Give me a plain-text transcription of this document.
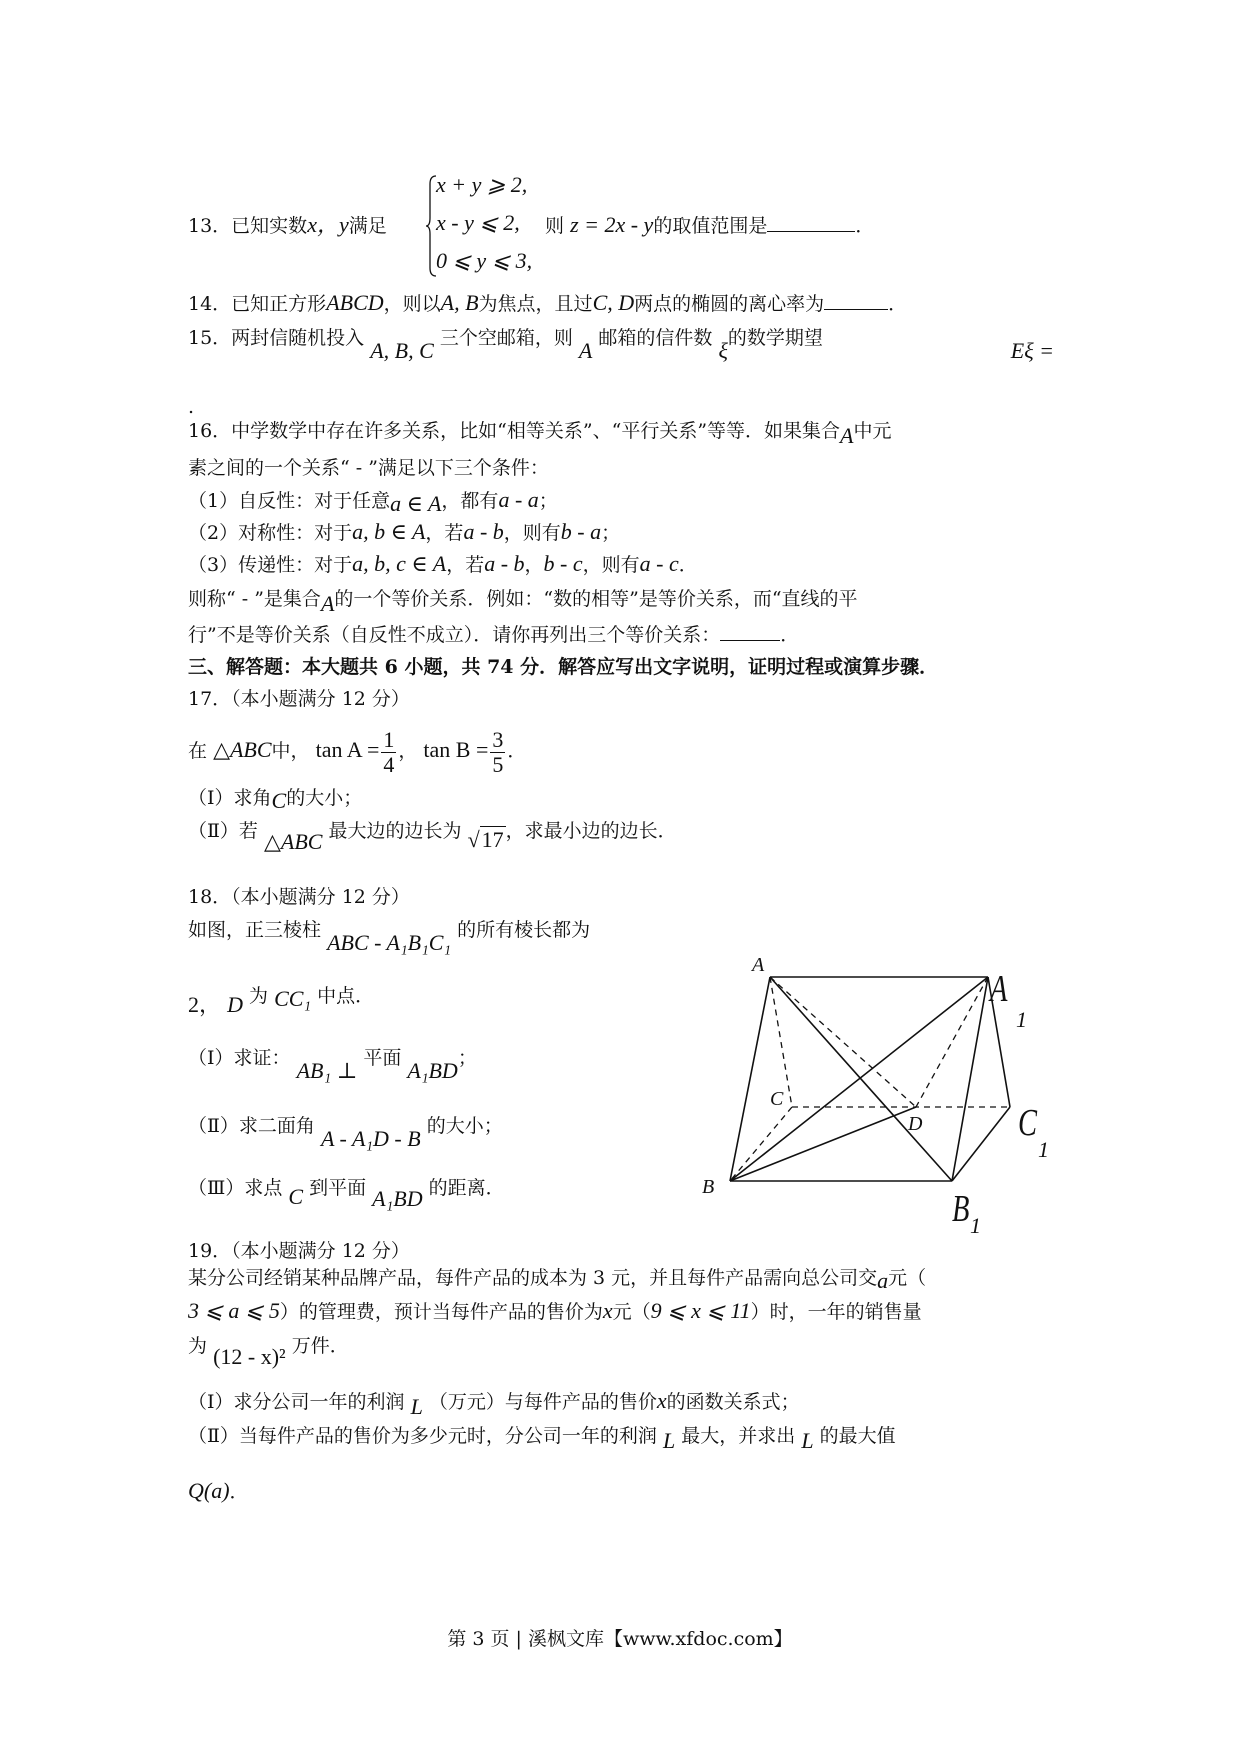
13．已知实数x，y满足
x + y ⩾ 2,
x - y ⩽ 2,
0 ⩽ y ⩽ 3,
则 z = 2x - y的取值范围是	．
14．已知正方形ABCD，则以A, B为焦点，且过C, D两点的椭圆的离心率为	．
15．两封信随机投入 A, B, C 三个空邮箱，则 A 邮箱的信件数 ξ的数学期望	Eξ =
.
16．中学数学中存在许多关系，比如“相等关系”、“平行关系”等等．如果集合A中元
素之间的一个关系“ - ”满足以下三个条件：
（1）自反性：对于任意a ∈ A，都有a - a；
（2）对称性：对于a, b ∈ A，若a - b，则有b - a；
（3）传递性：对于a, b, c ∈ A，若a - b，b - c，则有a - c．
则称“ - ”是集合A的一个等价关系．例如：“数的相等”是等价关系，而“直线的平
行”不是等价关系（自反性不成立）．请你再列出三个等价关系：	．
三、解答题：本大题共 6 小题，共 74 分．解答应写出文字说明，证明过程或演算步骤．
17．（本小题满分 12 分）
在 △ABC中， $\tan A = \frac{1}{4}$ ， $\tan B = \frac{3}{5}$ ．
（Ⅰ）求角C的大小；
（Ⅱ）若 △ABC 最大边的边长为 √17 ，求最小边的边长．
18．（本小题满分 12 分）
如图，正三棱柱 ABC - A₁B₁C₁ 的所有棱长都为
2， D 为 CC₁ 中点．
（Ⅰ）求证： AB₁ ⊥ 平面 A₁BD；
（Ⅱ）求二面角 A - A₁D - B 的大小；
（Ⅲ）求点 C 到平面 A₁BD 的距离．
A
A
1
C
D	C
1
B
B 1
19．（本小题满分 12 分）
某分公司经销某种品牌产品，每件产品的成本为 3 元，并且每件产品需向总公司交a元（
3 ⩽ a ⩽ 5）的管理费，预计当每件产品的售价为x元（9 ⩽ x ⩽ 11）时，一年的销售量
为 (12 - x)² 万件．
（Ⅰ）求分公司一年的利润 L （万元）与每件产品的售价x的函数关系式；
（Ⅱ）当每件产品的售价为多少元时，分公司一年的利润 L 最大，并求出 L 的最大值
Q(a)．
第 3 页 | 溪枫文库【www.xfdoc.com】
